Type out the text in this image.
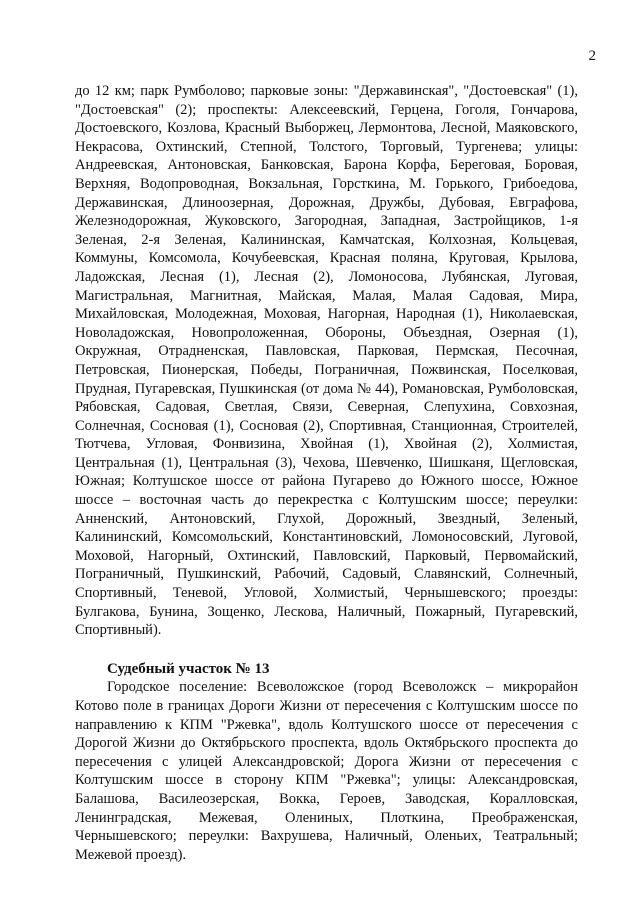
2

до 12 км; парк Румболово; парковые зоны: "Державинская", "Достоевская" (1), "Достоевская" (2); проспекты: Алексеевский, Герцена, Гоголя, Гончарова, Достоевского, Козлова, Красный Выборжец, Лермонтова, Лесной, Маяковского, Некрасова, Охтинский, Степной, Толстого, Торговый, Тургенева; улицы: Андреевская, Антоновская, Банковская, Барона Корфа, Береговая, Боровая, Верхняя, Водопроводная, Вокзальная, Горсткина, М. Горького, Грибоедова, Державинская, Длиноозерная, Дорожная, Дружбы, Дубовая, Евграфова, Железнодорожная, Жуковского, Загородная, Западная, Застройщиков, 1-я Зеленая, 2-я Зеленая, Калининская, Камчатская, Колхозная, Кольцевая, Коммуны, Комсомола, Кочубеевская, Красная поляна, Круговая, Крылова, Ладожская, Лесная (1), Лесная (2), Ломоносова, Лубянская, Луговая, Магистральная, Магнитная, Майская, Малая, Малая Садовая, Мира, Михайловская, Молодежная, Моховая, Нагорная, Народная (1), Николаевская, Новоладожская, Новопроложенная, Обороны, Объездная, Озерная (1), Окружная, Отрадненская, Павловская, Парковая, Пермская, Песочная, Петровская, Пионерская, Победы, Пограничная, Пожвинская, Поселковая, Прудная, Пугаревская, Пушкинская (от дома № 44), Романовская, Румболовская, Рябовская, Садовая, Светлая, Связи, Северная, Слепухина, Совхозная, Солнечная, Сосновая (1), Сосновая (2), Спортивная, Станционная, Строителей, Тютчева, Угловая, Фонвизина, Хвойная (1), Хвойная (2), Холмистая, Центральная (1), Центральная (3), Чехова, Шевченко, Шишканя, Щегловская, Южная; Колтушское шоссе от района Пугарево до Южного шоссе, Южное шоссе – восточная часть до перекрестка с Колтушским шоссе; переулки: Анненский, Антоновский, Глухой, Дорожный, Звездный, Зеленый, Калининский, Комсомольский, Константиновский, Ломоносовский, Луговой, Моховой, Нагорный, Охтинский, Павловский, Парковый, Первомайский, Пограничный, Пушкинский, Рабочий, Садовый, Славянский, Солнечный, Спортивный, Теневой, Угловой, Холмистый, Чернышевского; проезды: Булгакова, Бунина, Зощенко, Лескова, Наличный, Пожарный, Пугаревский, Спортивный).

Судебный участок № 13

Городское поселение: Всеволожское (город Всеволожск – микрорайон Котово поле в границах Дороги Жизни от пересечения с Колтушским шоссе по направлению к КПМ "Ржевка", вдоль Колтушского шоссе от пересечения с Дорогой Жизни до Октябрьского проспекта, вдоль Октябрьского проспекта до пересечения с улицей Александровской; Дорога Жизни от пересечения с Колтушским шоссе в сторону КПМ "Ржевка"; улицы: Александровская, Балашова, Василеозерская, Вокка, Героев, Заводская, Коралловская, Ленинградская, Межевая, Олениных, Плоткина, Преображенская, Чернышевского; переулки: Вахрушева, Наличный, Оленьих, Театральный; Межевой проезд).
